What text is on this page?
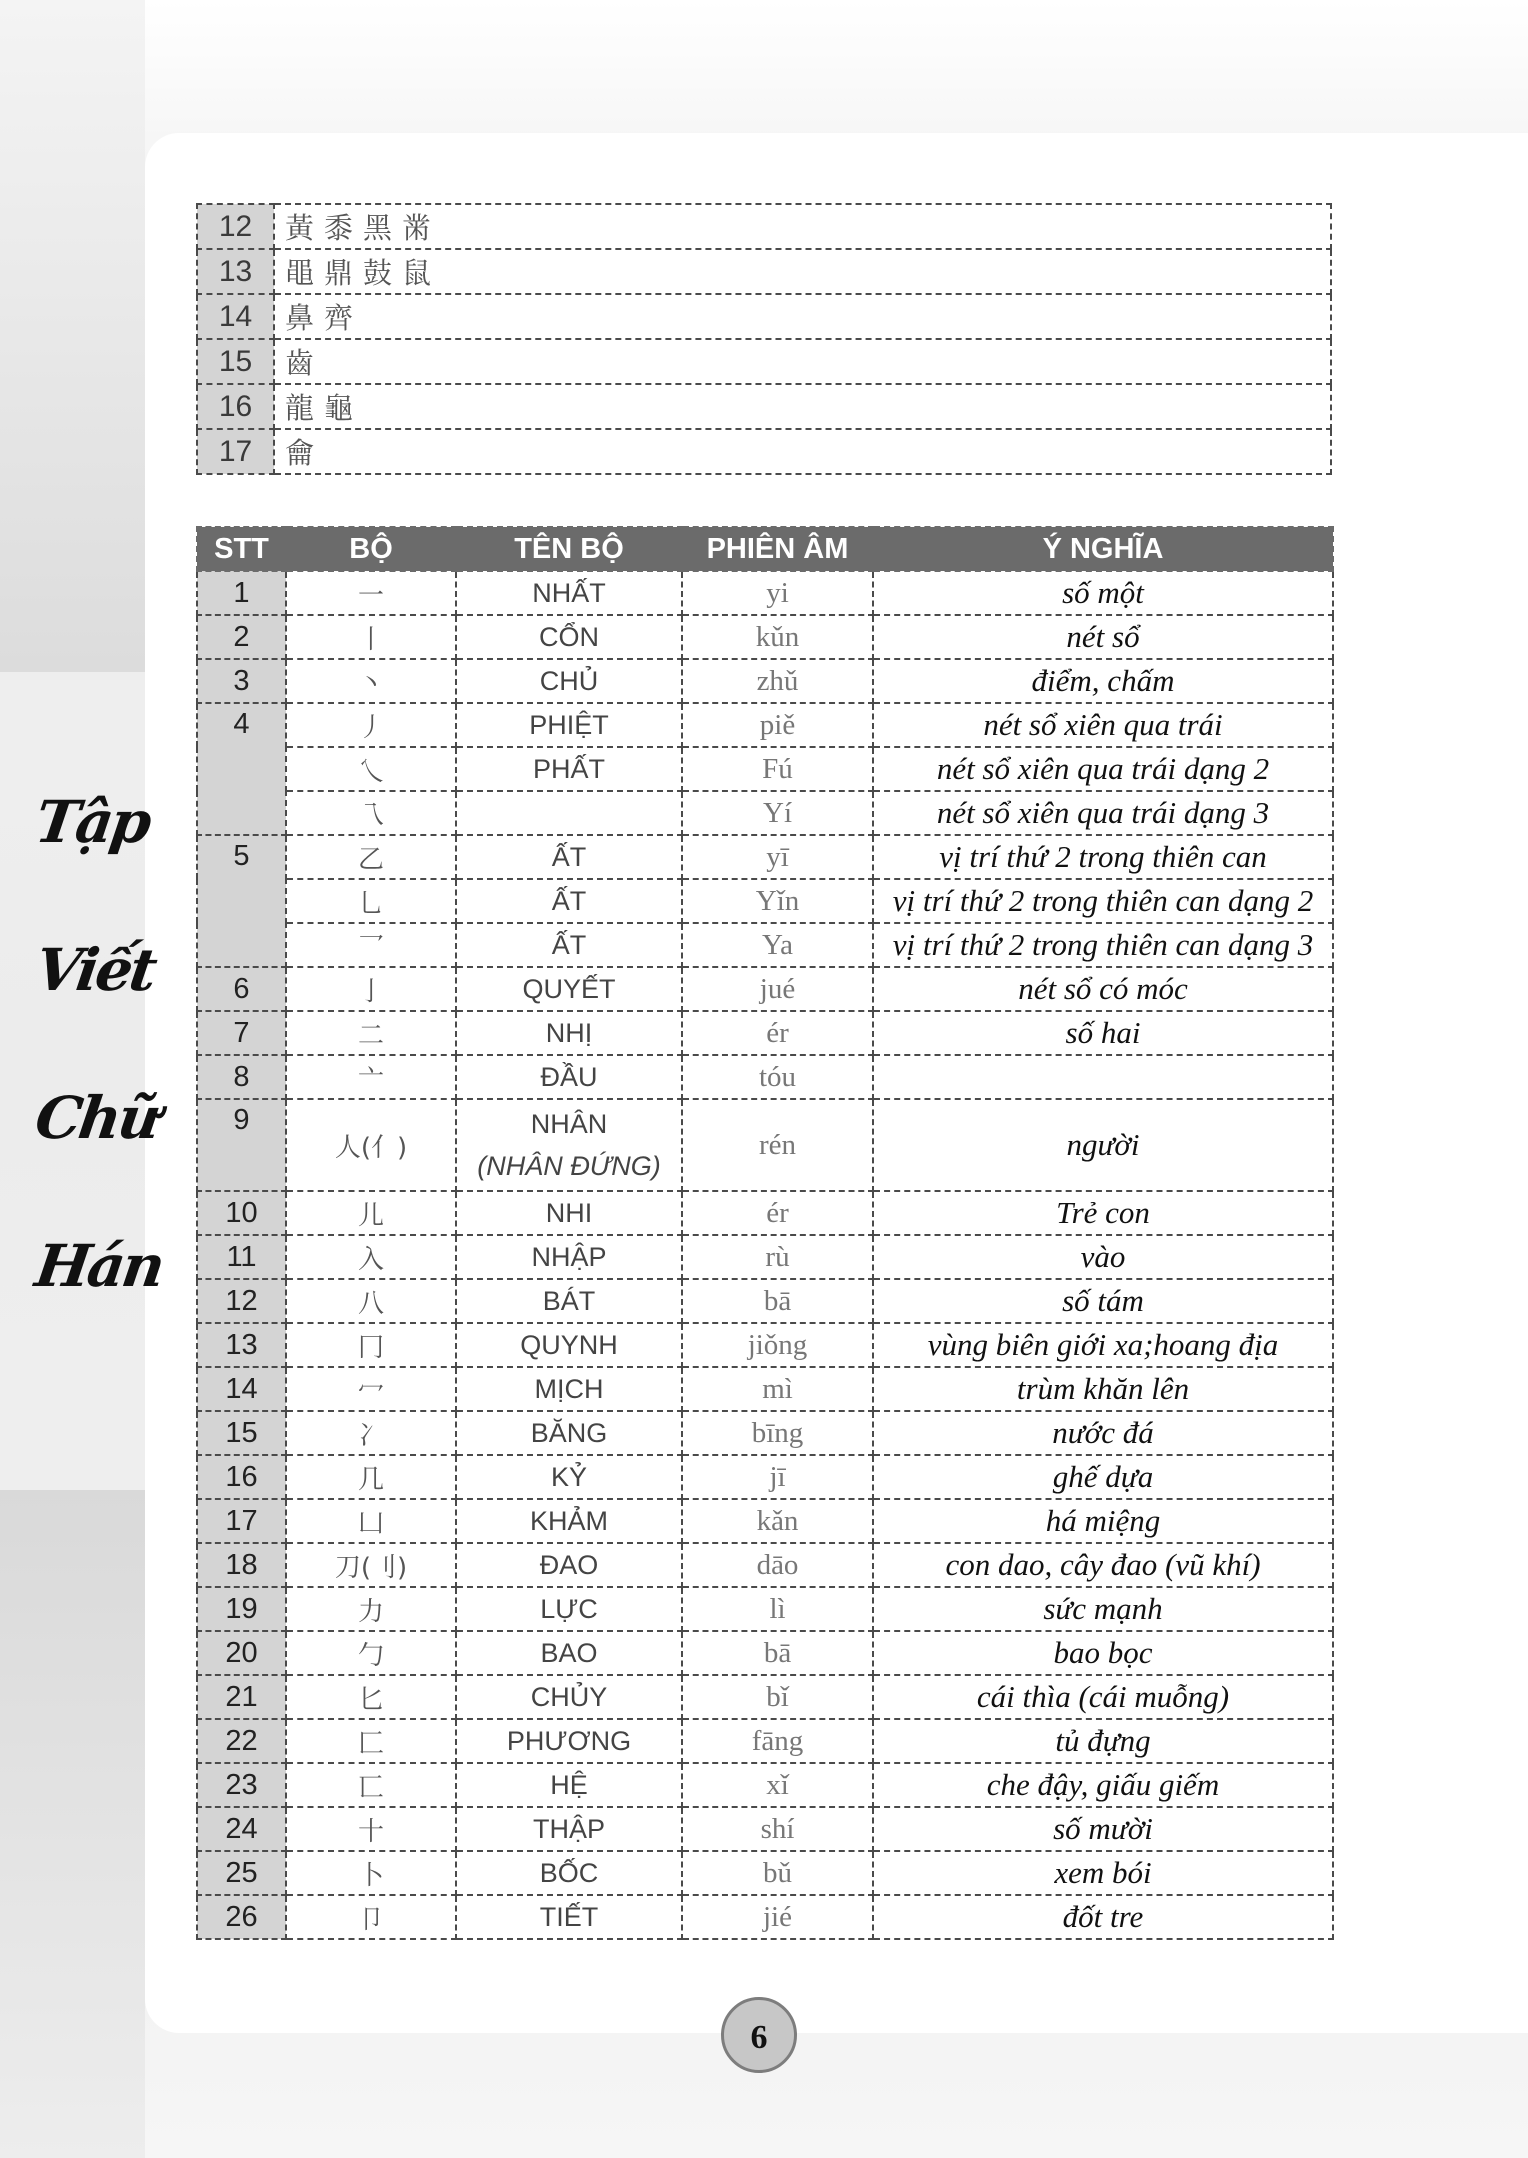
Tập
Viết
Chữ
Hán
12	黃黍黑黹
13	黽鼎鼓鼠
14	鼻齊
15	齒
16	龍龜
17	龠
STT	BỘ	TÊN BỘ	PHIÊN ÂM	Ý NGHĨA
1	一	NHẤT	yi	số một
2	丨	CỔN	kǔn	nét sổ
3	丶	CHỦ	zhǔ	điểm, chấm
4	丿	PHIỆT	piě	nét sổ xiên qua trái
	乀	PHẤT	Fú	nét sổ xiên qua trái dạng 2
	乁		Yí	nét sổ xiên qua trái dạng 3
5	乙	ẤT	yī	vị trí thứ 2 trong thiên can
	乚	ẤT	Yǐn	vị trí thứ 2 trong thiên can dạng 2
	乛	ẤT	Ya	vị trí thứ 2 trong thiên can dạng 3
6	亅	QUYẾT	jué	nét sổ có móc
7	二	NHỊ	ér	số hai
8	亠	ĐẦU	tóu	
9	人(亻)	NHÂN
(NHÂN ĐỨNG)	rén	người
10	儿	NHI	ér	Trẻ con
11	入	NHẬP	rù	vào
12	八	BÁT	bā	số tám
13	冂	QUYNH	jiǒng	vùng biên giới xa;hoang địa
14	冖	MỊCH	mì	trùm khăn lên
15	冫	BĂNG	bīng	nước đá
16	几	KỶ	jī	ghế dựa
17	凵	KHẢM	kǎn	há miệng
18	刀(刂)	ĐAO	dāo	con dao, cây đao (vũ khí)
19	力	LỰC	lì	sức mạnh
20	勹	BAO	bā	bao bọc
21	匕	CHỦY	bǐ	cái thìa (cái muỗng)
22	匚	PHƯƠNG	fāng	tủ đựng
23	匸	HỆ	xǐ	che đậy, giấu giếm
24	十	THẬP	shí	số mười
25	卜	BỐC	bǔ	xem bói
26	卩	TIẾT	jié	đốt tre
6
